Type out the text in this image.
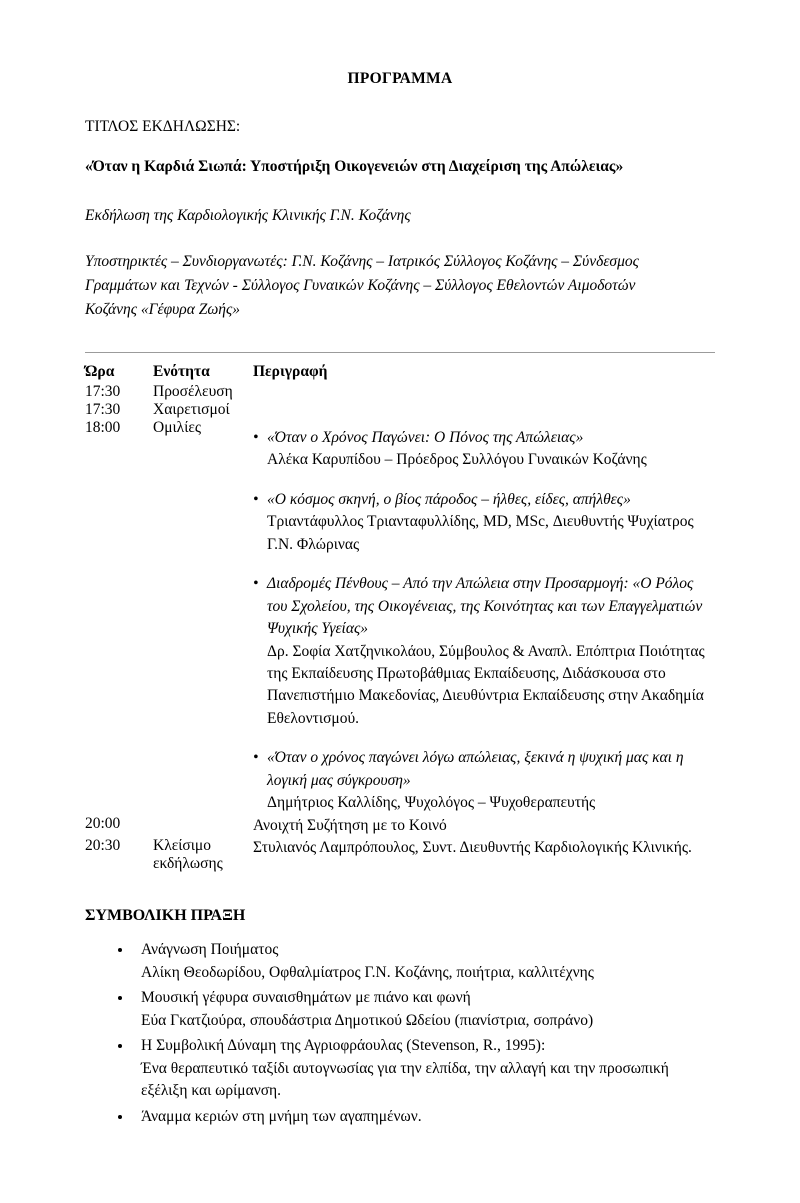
ΠΡΟΓΡΑΜΜΑ
ΤΙΤΛΟΣ ΕΚΔΗΛΩΣΗΣ:
«Όταν η Καρδιά Σιωπά: Υποστήριξη Οικογενειών στη Διαχείριση της Απώλειας»
Εκδήλωση της Καρδιολογικής Κλινικής Γ.Ν. Κοζάνης
Υποστηρικτές – Συνδιοργανωτές: Γ.Ν. Κοζάνης – Ιατρικός Σύλλογος Κοζάνης – Σύνδεσμος Γραμμάτων και Τεχνών - Σύλλογος Γυναικών Κοζάνης – Σύλλογος Εθελοντών Αιμοδοτών Κοζάνης «Γέφυρα Ζωής»
Ώρα	Ενότητα	Περιγραφή
17:30	Προσέλευση	
17:30	Χαιρετισμοί	
18:00	Ομιλίες	
• «Όταν ο Χρόνος Παγώνει: Ο Πόνος της Απώλειας»
Αλέκα Καρυπίδου – Πρόεδρος Συλλόγου Γυναικών Κοζάνης
• «Ο κόσμος σκηνή, ο βίος πάροδος – ήλθες, είδες, απήλθες»
Τριαντάφυλλος Τριανταφυλλίδης, MD, MSc, Διευθυντής Ψυχίατρος Γ.Ν. Φλώρινας
• Διαδρομές Πένθους – Από την Απώλεια στην Προσαρμογή: «Ο Ρόλος του Σχολείου, της Οικογένειας, της Κοινότητας και των Επαγγελματιών Ψυχικής Υγείας»
Δρ. Σοφία Χατζηνικολάου, Σύμβουλος & Αναπλ. Επόπτρια Ποιότητας της Εκπαίδευσης Πρωτοβάθμιας Εκπαίδευσης, Διδάσκουσα στο Πανεπιστήμιο Μακεδονίας, Διευθύντρια Εκπαίδευσης στην Ακαδημία Εθελοντισμού.
• «Όταν ο χρόνος παγώνει λόγω απώλειας, ξεκινά η ψυχική μας και η λογική μας σύγκρουση»
Δημήτριος Καλλίδης, Ψυχολόγος – Ψυχοθεραπευτής

20:00		Ανοιχτή Συζήτηση με το Κοινό
20:30	Κλείσιμο εκδήλωσης	Στυλιανός Λαμπρόπουλος, Συντ. Διευθυντής Καρδιολογικής Κλινικής.
ΣΥΜΒΟΛΙΚΗ ΠΡΑΞΗ
• Ανάγνωση Ποιήματος
Αλίκη Θεοδωρίδου, Οφθαλμίατρος Γ.Ν. Κοζάνης, ποιήτρια, καλλιτέχνης
• Μουσική γέφυρα συναισθημάτων με πιάνο και φωνή
Εύα Γκατζιούρα, σπουδάστρια Δημοτικού Ωδείου (πιανίστρια, σοπράνο)
• Η Συμβολική Δύναμη της Αγριοφράουλας (Stevenson, R., 1995):
Ένα θεραπευτικό ταξίδι αυτογνωσίας για την ελπίδα, την αλλαγή και την προσωπική εξέλιξη και ωρίμανση.
• Άναμμα κεριών στη μνήμη των αγαπημένων.
